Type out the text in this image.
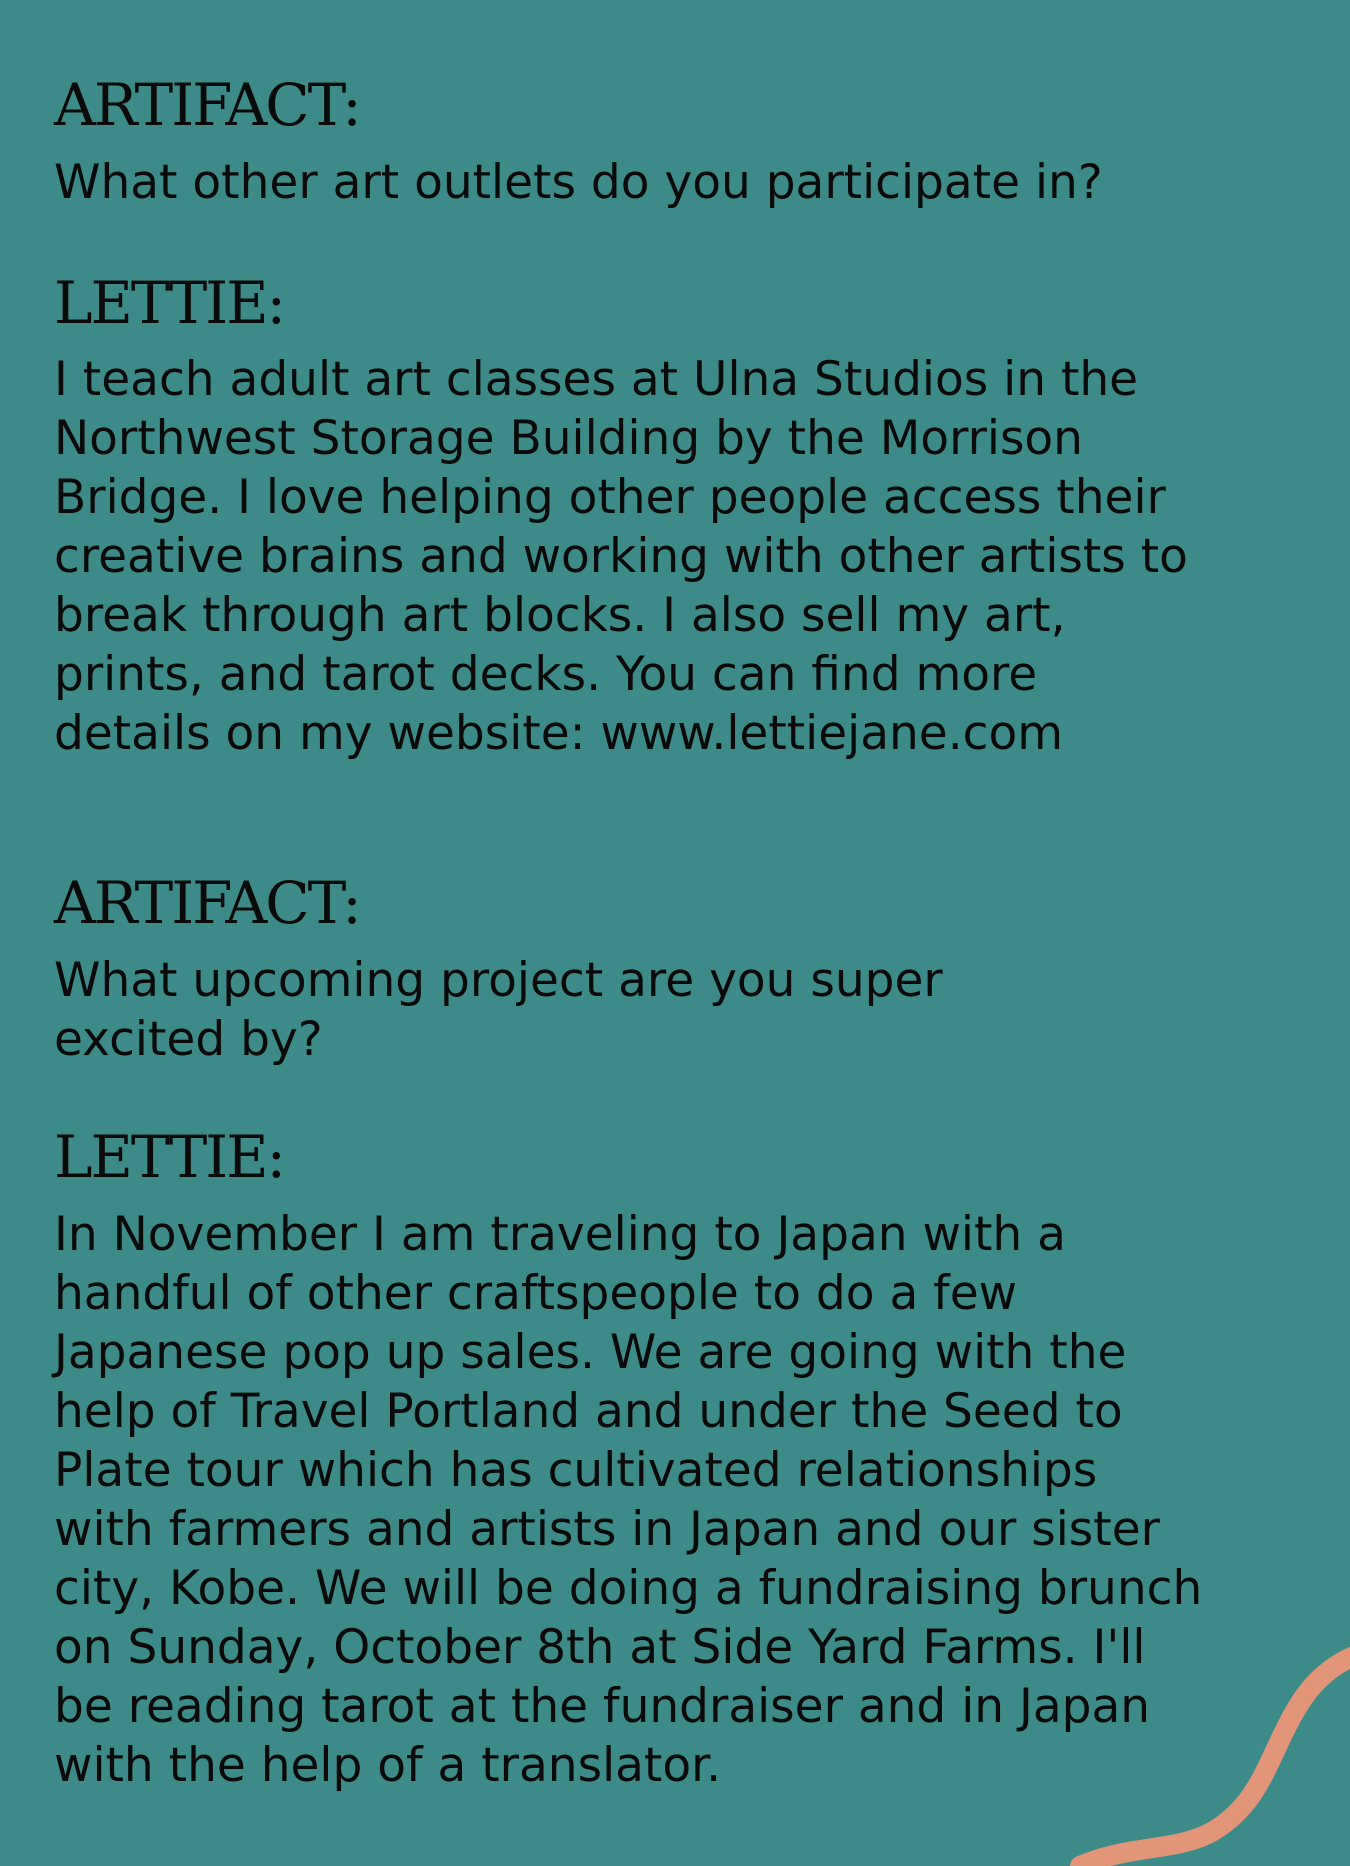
ARTIFACT:

What other art outlets do you participate in?

LETTIE:

I teach adult art classes at Ulna Studios in the
Northwest Storage Building by the Morrison
Bridge. I love helping other people access their
creative brains and working with other artists to
break through art blocks. I also sell my art,
prints, and tarot decks. You can find more
details on my website: www.lettiejane.com

ARTIFACT:

What upcoming project are you super
excited by?

LETTIE:

In November I am traveling to Japan with a
handful of other craftspeople to do a few
Japanese pop up sales. We are going with the
help of Travel Portland and under the Seed to
Plate tour which has cultivated relationships
with farmers and artists in Japan and our sister
city, Kobe. We will be doing a fundraising brunch
on Sunday, October 8th at Side Yard Farms. I'll
be reading tarot at the fundraiser and in Japan
with the help of a translator.
